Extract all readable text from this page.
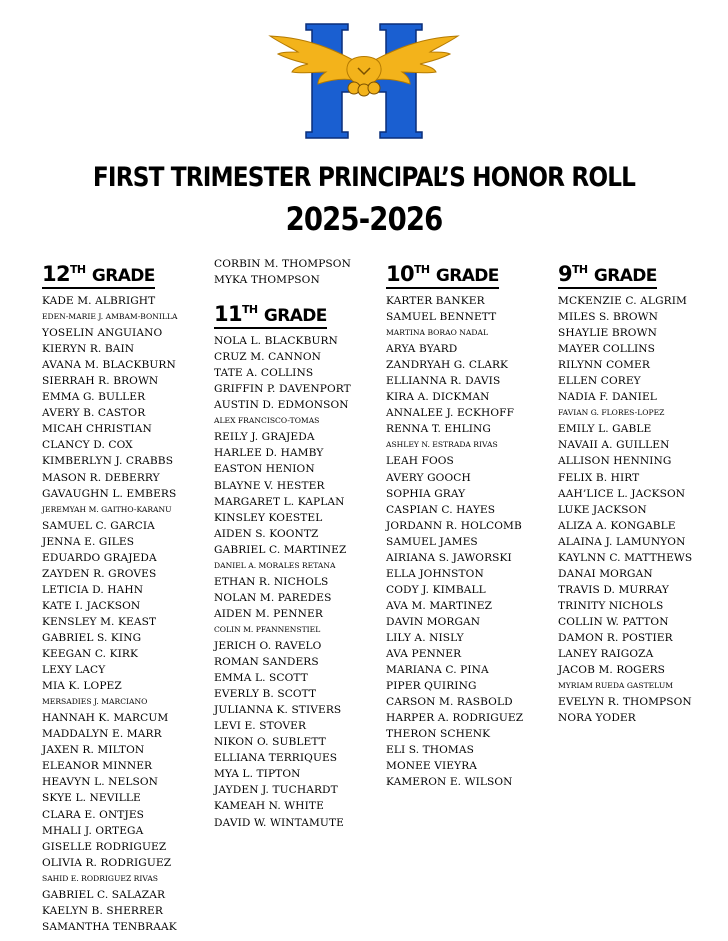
FIRST TRIMESTER PRINCIPAL’S HONOR ROLL
2025-2026
12TH GRADE
KADE M. ALBRIGHT
EDEN-MARIE J. AMBAM-BONILLA
YOSELIN ANGUIANO
KIERYN R. BAIN
AVANA M. BLACKBURN
SIERRAH R. BROWN
EMMA G. BULLER
AVERY B. CASTOR
MICAH CHRISTIAN
CLANCY D. COX
KIMBERLYN J. CRABBS
MASON R. DEBERRY
GAVAUGHN L. EMBERS
JEREMYAH M. GAITHO-KARANU
SAMUEL C. GARCIA
JENNA E. GILES
EDUARDO GRAJEDA
ZAYDEN R. GROVES
LETICIA D. HAHN
KATE I. JACKSON
KENSLEY M. KEAST
GABRIEL S. KING
KEEGAN C. KIRK
LEXY LACY
MIA K. LOPEZ
MERSADIES J. MARCIANO
HANNAH K. MARCUM
MADDALYN E. MARR
JAXEN R. MILTON
ELEANOR MINNER
HEAVYN L. NELSON
SKYE L. NEVILLE
CLARA E. ONTJES
MHALI J. ORTEGA
GISELLE RODRIGUEZ
OLIVIA R. RODRIGUEZ
SAHID E. RODRIGUEZ RIVAS
GABRIEL C. SALAZAR
KAELYN B. SHERRER
SAMANTHA TENBRAAK
CORBIN M. THOMPSON
MYKA THOMPSON
11TH GRADE
NOLA L. BLACKBURN
CRUZ M. CANNON
TATE A. COLLINS
GRIFFIN P. DAVENPORT
AUSTIN D. EDMONSON
ALEX FRANCISCO-TOMAS
REILY J. GRAJEDA
HARLEE D. HAMBY
EASTON HENION
BLAYNE V. HESTER
MARGARET L. KAPLAN
KINSLEY KOESTEL
AIDEN S. KOONTZ
GABRIEL C. MARTINEZ
DANIEL A. MORALES RETANA
ETHAN R. NICHOLS
NOLAN M. PAREDES
AIDEN M. PENNER
COLIN M. PFANNENSTIEL
JERICH O. RAVELO
ROMAN SANDERS
EMMA L. SCOTT
EVERLY B. SCOTT
JULIANNA K. STIVERS
LEVI E. STOVER
NIKON O. SUBLETT
ELLIANA TERRIQUES
MYA L. TIPTON
JAYDEN J. TUCHARDT
KAMEAH N. WHITE
DAVID W. WINTAMUTE
10TH GRADE
KARTER BANKER
SAMUEL BENNETT
MARTINA BORAO NADAL
ARYA BYARD
ZANDRYAH G. CLARK
ELLIANNA R. DAVIS
KIRA A. DICKMAN
ANNALEE J. ECKHOFF
RENNA T. EHLING
ASHLEY N. ESTRADA RIVAS
LEAH FOOS
AVERY GOOCH
SOPHIA GRAY
CASPIAN C. HAYES
JORDANN R. HOLCOMB
SAMUEL JAMES
AIRIANA S. JAWORSKI
ELLA JOHNSTON
CODY J. KIMBALL
AVA M. MARTINEZ
DAVIN MORGAN
LILY A. NISLY
AVA PENNER
MARIANA C. PINA
PIPER QUIRING
CARSON M. RASBOLD
HARPER A. RODRIGUEZ
THERON SCHENK
ELI S. THOMAS
MONEE VIEYRA
KAMERON E. WILSON
9TH GRADE
MCKENZIE C. ALGRIM
MILES S. BROWN
SHAYLIE BROWN
MAYER COLLINS
RILYNN COMER
ELLEN COREY
NADIA F. DANIEL
FAVIAN G. FLORES-LOPEZ
EMILY L. GABLE
NAVAII A. GUILLEN
ALLISON HENNING
FELIX B. HIRT
AAH’LICE L. JACKSON
LUKE JACKSON
ALIZA A. KONGABLE
ALAINA J. LAMUNYON
KAYLNN C. MATTHEWS
DANAI MORGAN
TRAVIS D. MURRAY
TRINITY NICHOLS
COLLIN W. PATTON
DAMON R. POSTIER
LANEY RAIGOZA
JACOB M. ROGERS
MYRIAM RUEDA GASTELUM
EVELYN R. THOMPSON
NORA YODER
